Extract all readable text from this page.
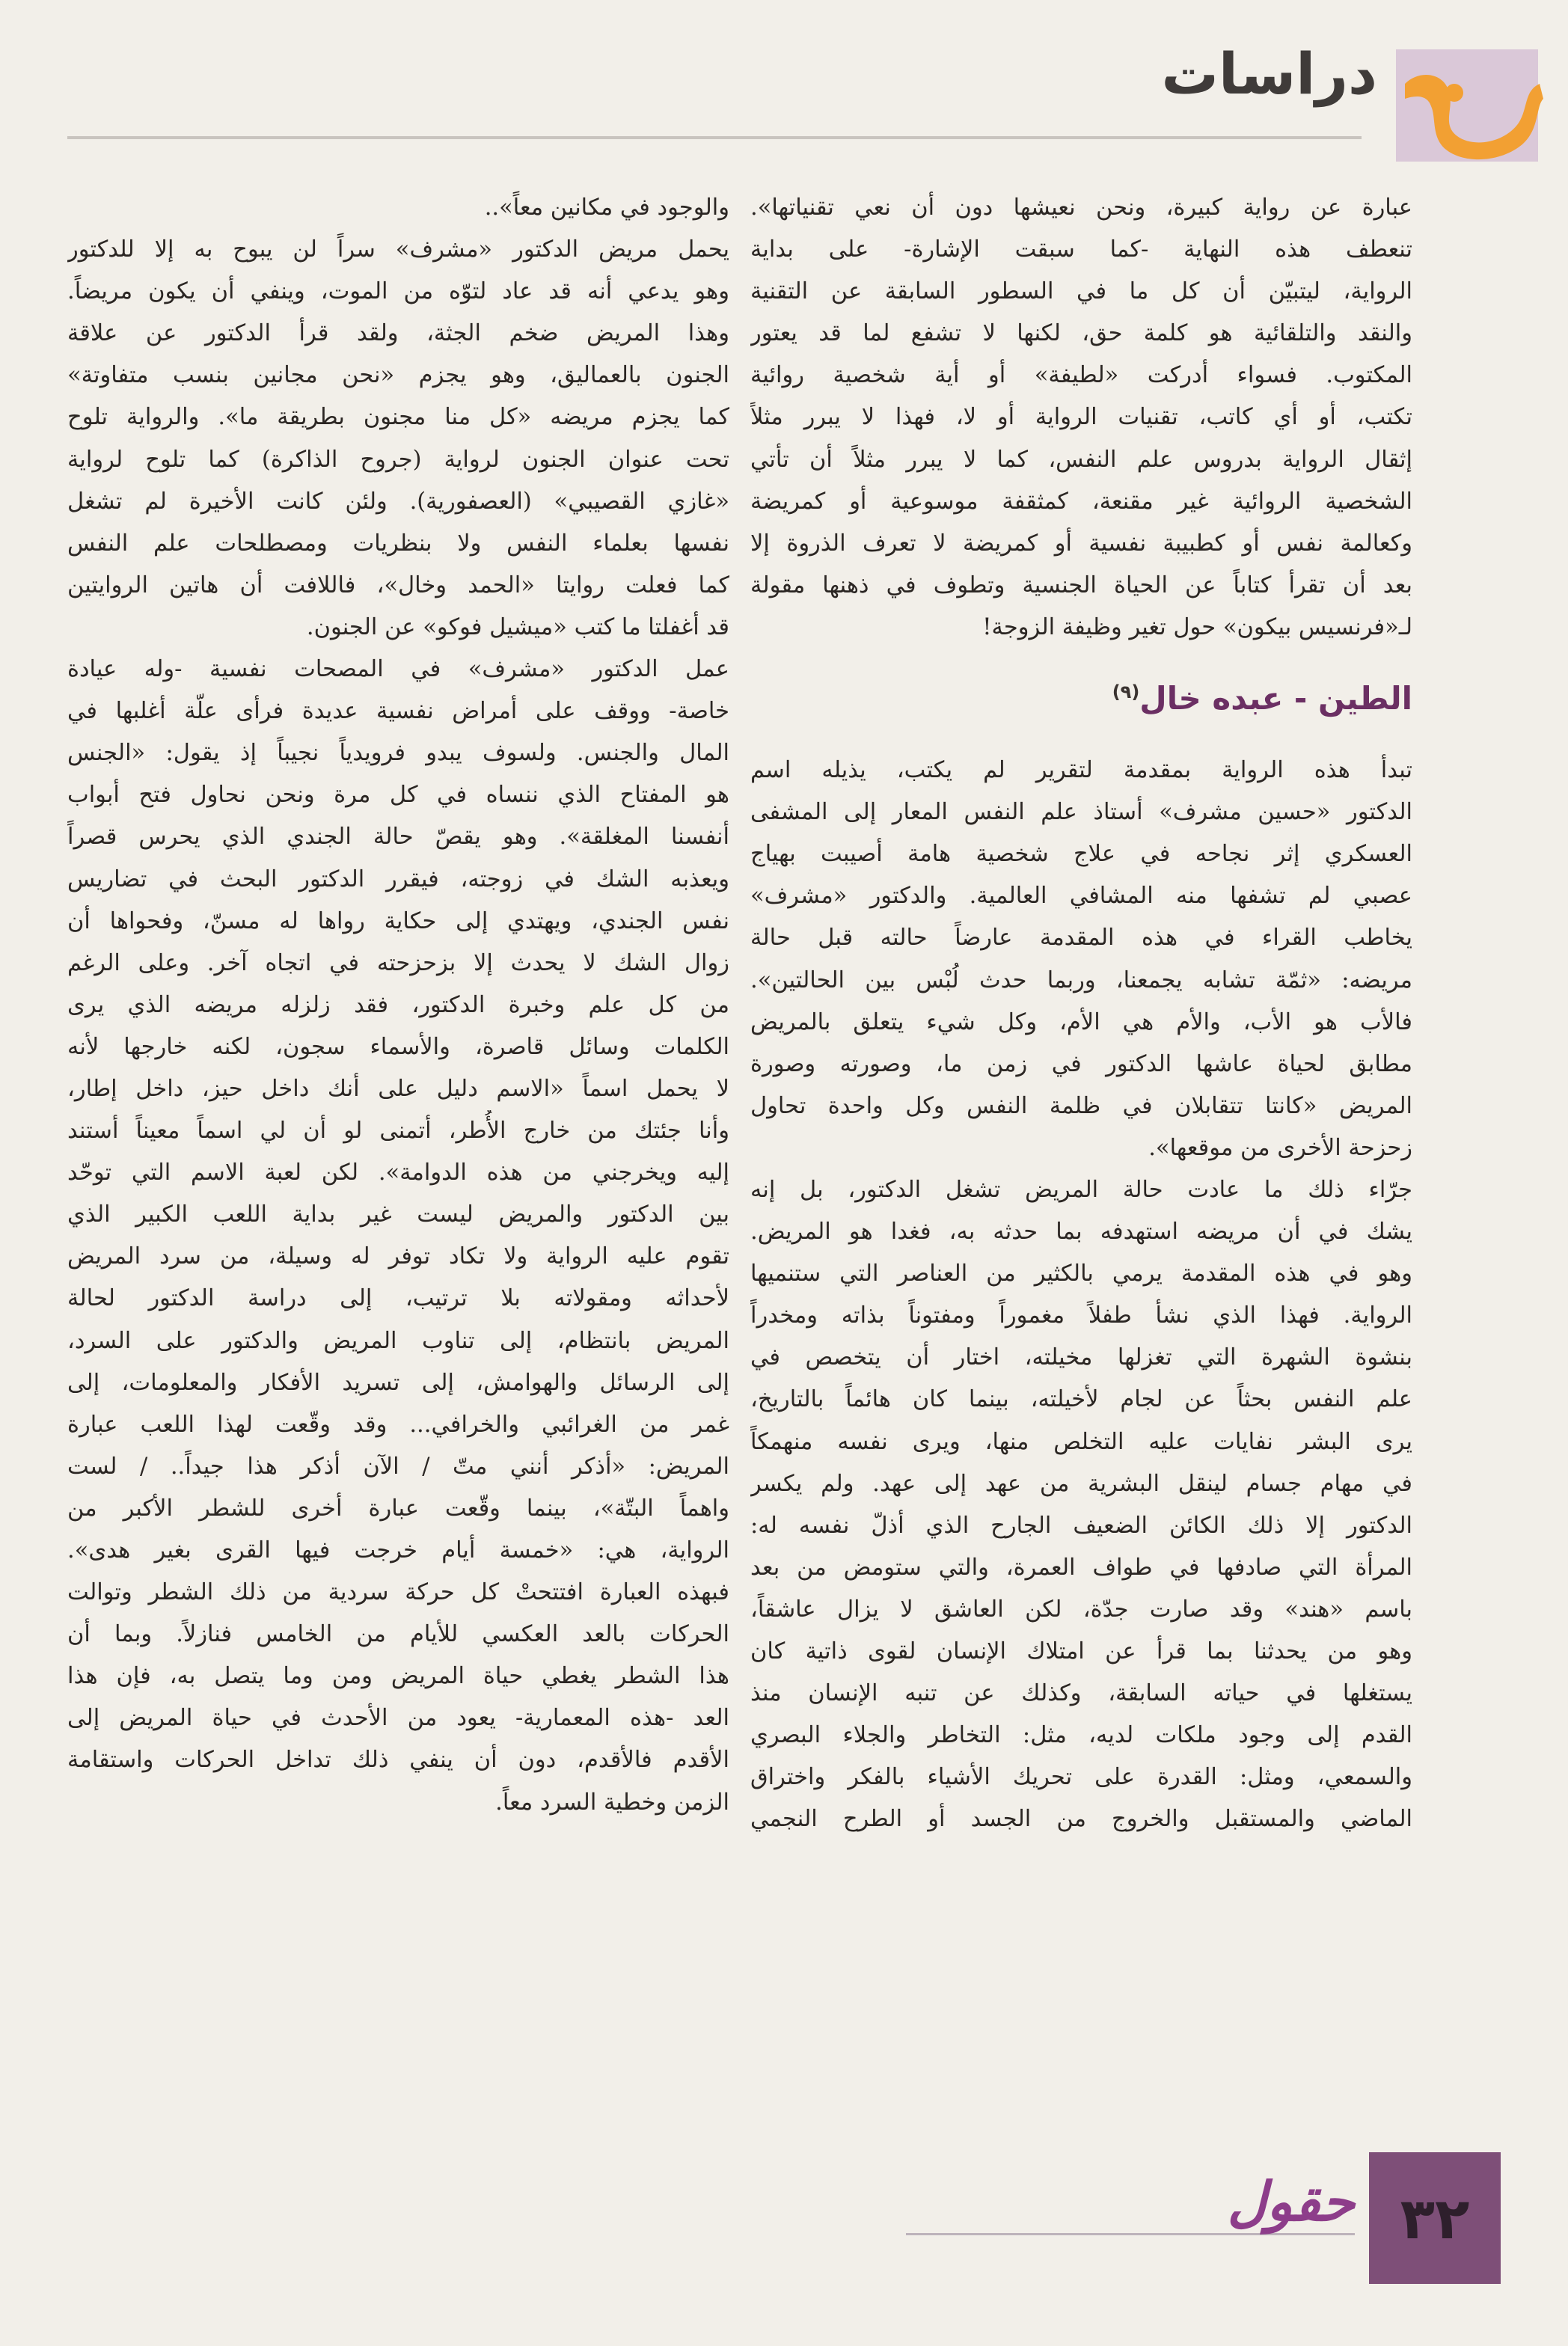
دراسات

عبارة عن رواية كبيرة، ونحن نعيشها دون أن نعي تقنياتها».
تنعطف هذه النهاية -كما سبقت الإشارة- على بداية
الرواية، ليتبيّن أن كل ما في السطور السابقة عن التقنية
والنقد والتلقائية هو كلمة حق، لكنها لا تشفع لما قد يعتور
المكتوب. فسواء أدركت «لطيفة» أو أية شخصية روائية
تكتب، أو أي كاتب، تقنيات الرواية أو لا، فهذا لا يبرر مثلاً
إثقال الرواية بدروس علم النفس، كما لا يبرر مثلاً أن تأتي
الشخصية الروائية غير مقنعة، كمثقفة موسوعية أو كمريضة
وكعالمة نفس أو كطبيبة نفسية أو كمريضة لا تعرف الذروة إلا
بعد أن تقرأ كتاباً عن الحياة الجنسية وتطوف في ذهنها مقولة
لـ«فرنسيس بيكون» حول تغير وظيفة الزوجة!

الطين - عبده خال$^{(٩)}$

تبدأ هذه الرواية بمقدمة لتقرير لم يكتب، يذيله اسم
الدكتور «حسين مشرف» أستاذ علم النفس المعار إلى المشفى
العسكري إثر نجاحه في علاج شخصية هامة أصيبت بهياج
عصبي لم تشفها منه المشافي العالمية. والدكتور «مشرف»
يخاطب القراء في هذه المقدمة عارضاً حالته قبل حالة
مريضه: «ثمّة تشابه يجمعنا، وربما حدث لُبْس بين الحالتين».
فالأب هو الأب، والأم هي الأم، وكل شيء يتعلق بالمريض
مطابق لحياة عاشها الدكتور في زمن ما، وصورته وصورة
المريض «كانتا تتقابلان في ظلمة النفس وكل واحدة تحاول
زحزحة الأخرى من موقعها».

جرّاء ذلك ما عادت حالة المريض تشغل الدكتور، بل إنه
يشك في أن مريضه استهدفه بما حدثه به، فغدا هو المريض.
وهو في هذه المقدمة يرمي بالكثير من العناصر التي ستنميها
الرواية. فهذا الذي نشأ طفلاً مغموراً ومفتوناً بذاته ومخدراً
بنشوة الشهرة التي تغزلها مخيلته، اختار أن يتخصص في
علم النفس بحثاً عن لجام لأخيلته، بينما كان هائماً بالتاريخ،
يرى البشر نفايات عليه التخلص منها، ويرى نفسه منهمكاً
في مهام جسام لينقل البشرية من عهد إلى عهد. ولم يكسر
الدكتور إلا ذلك الكائن الضعيف الجارح الذي أذلّ نفسه له:
المرأة التي صادفها في طواف العمرة، والتي ستومض من بعد
باسم «هند» وقد صارت جدّة، لكن العاشق لا يزال عاشقاً،
وهو من يحدثنا بما قرأ عن امتلاك الإنسان لقوى ذاتية كان
يستغلها في حياته السابقة، وكذلك عن تنبه الإنسان منذ
القدم إلى وجود ملكات لديه، مثل: التخاطر والجلاء البصري
والسمعي، ومثل: القدرة على تحريك الأشياء بالفكر واختراق
الماضي والمستقبل والخروج من الجسد أو الطرح النجمي

والوجود في مكانين معاً»..

يحمل مريض الدكتور «مشرف» سراً لن يبوح به إلا للدكتور
وهو يدعي أنه قد عاد لتوّه من الموت، وينفي أن يكون مريضاً.
وهذا المريض ضخم الجثة، ولقد قرأ الدكتور عن علاقة
الجنون بالعماليق، وهو يجزم «نحن مجانين بنسب متفاوتة»
كما يجزم مريضه «كل منا مجنون بطريقة ما». والرواية تلوح
تحت عنوان الجنون لرواية (جروح الذاكرة) كما تلوح لرواية
«غازي القصيبي» (العصفورية). ولئن كانت الأخيرة لم تشغل
نفسها بعلماء النفس ولا بنظريات ومصطلحات علم النفس
كما فعلت روايتا «الحمد وخال»، فاللافت أن هاتين الروايتين
قد أغفلتا ما كتب «ميشيل فوكو» عن الجنون.

عمل الدكتور «مشرف» في المصحات نفسية -وله عيادة
خاصة- ووقف على أمراض نفسية عديدة فرأى علّة أغلبها في
المال والجنس. ولسوف يبدو فرويدياً نجيباً إذ يقول: «الجنس
هو المفتاح الذي ننساه في كل مرة ونحن نحاول فتح أبواب
أنفسنا المغلقة». وهو يقصّ حالة الجندي الذي يحرس قصراً
ويعذبه الشك في زوجته، فيقرر الدكتور البحث في تضاريس
نفس الجندي، ويهتدي إلى حكاية رواها له مسنّ، وفحواها أن
زوال الشك لا يحدث إلا بزحزحته في اتجاه آخر. وعلى الرغم
من كل علم وخبرة الدكتور، فقد زلزله مريضه الذي يرى
الكلمات وسائل قاصرة، والأسماء سجون، لكنه خارجها لأنه
لا يحمل اسماً «الاسم دليل على أنك داخل حيز، داخل إطار،
وأنا جئتك من خارج الأُطر، أتمنى لو أن لي اسماً معيناً أستند
إليه ويخرجني من هذه الدوامة». لكن لعبة الاسم التي توحّد
بين الدكتور والمريض ليست غير بداية اللعب الكبير الذي
تقوم عليه الرواية ولا تكاد توفر له وسيلة، من سرد المريض
لأحداثه ومقولاته بلا ترتيب، إلى دراسة الدكتور لحالة
المريض بانتظام، إلى تناوب المريض والدكتور على السرد،
إلى الرسائل والهوامش، إلى تسريد الأفكار والمعلومات، إلى
غمر من الغرائبي والخرافي... وقد وقّعت لهذا اللعب عبارة
المريض: «أذكر أنني متّ / الآن أذكر هذا جيداً.. / لست
واهماً البتّة»، بينما وقّعت عبارة أخرى للشطر الأكبر من
الرواية، هي: «خمسة أيام خرجت فيها القرى بغير هدى».
فبهذه العبارة افتتحتْ كل حركة سردية من ذلك الشطر وتوالت
الحركات بالعد العكسي للأيام من الخامس فنازلاً. وبما أن
هذا الشطر يغطي حياة المريض ومن وما يتصل به، فإن هذا
العد -هذه المعمارية- يعود من الأحدث في حياة المريض إلى
الأقدم فالأقدم، دون أن ينفي ذلك تداخل الحركات واستقامة
الزمن وخطية السرد معاً.

حقول ٣٢
